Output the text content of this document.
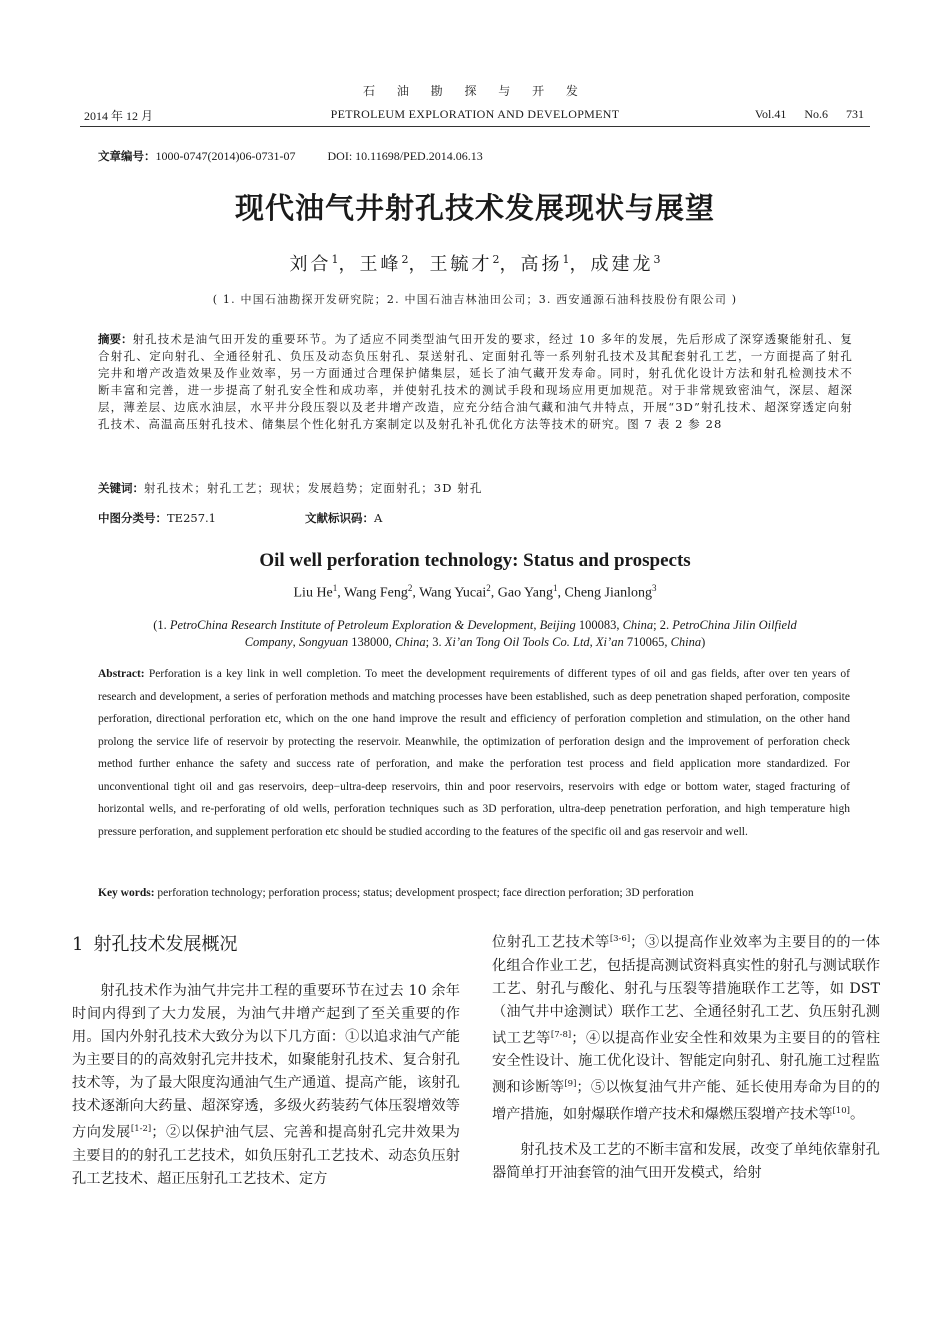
石 油 勘 探 与 开 发
2014 年 12 月	PETROLEUM EXPLORATION AND DEVELOPMENT	Vol.41 No.6 731
文章编号：1000-0747(2014)06-0731-07	DOI: 10.11698/PED.2014.06.13
现代油气井射孔技术发展现状与展望
刘合$^1$，王峰$^2$，王毓才$^2$，高扬$^1$，成建龙$^3$
( 1. 中国石油勘探开发研究院；2. 中国石油吉林油田公司；3. 西安通源石油科技股份有限公司 )
摘要：射孔技术是油气田开发的重要环节。为了适应不同类型油气田开发的要求，经过 10 多年的发展，先后形成了深穿透聚能射孔、复合射孔、定向射孔、全通径射孔、负压及动态负压射孔、泵送射孔、定面射孔等一系列射孔技术及其配套射孔工艺，一方面提高了射孔完井和增产改造效果及作业效率，另一方面通过合理保护储集层，延长了油气藏开发寿命。同时，射孔优化设计方法和射孔检测技术不断丰富和完善，进一步提高了射孔安全性和成功率，并使射孔技术的测试手段和现场应用更加规范。对于非常规致密油气，深层、超深层，薄差层、边底水油层，水平井分段压裂以及老井增产改造，应充分结合油气藏和油气井特点，开展“3D”射孔技术、超深穿透定向射孔技术、高温高压射孔技术、储集层个性化射孔方案制定以及射孔补孔优化方法等技术的研究。图 7 表 2 参 28
关键词：射孔技术；射孔工艺；现状；发展趋势；定面射孔；3D 射孔
中图分类号：TE257.1	文献标识码：A
Oil well perforation technology: Status and prospects
Liu He$^1$, Wang Feng$^2$, Wang Yucai$^2$, Gao Yang$^1$, Cheng Jianlong$^3$
(1. PetroChina Research Institute of Petroleum Exploration & Development, Beijing 100083, China; 2. PetroChina Jilin Oilfield Company, Songyuan 138000, China; 3. Xi’an Tong Oil Tools Co. Ltd, Xi’an 710065, China)
Abstract: Perforation is a key link in well completion. To meet the development requirements of different types of oil and gas fields, after over ten years of research and development, a series of perforation methods and matching processes have been established, such as deep penetration shaped perforation, composite perforation, directional perforation etc, which on the one hand improve the result and efficiency of perforation completion and stimulation, on the other hand prolong the service life of reservoir by protecting the reservoir. Meanwhile, the optimization of perforation design and the improvement of perforation check method further enhance the safety and success rate of perforation, and make the perforation test process and field application more standardized. For unconventional tight oil and gas reservoirs, deep−ultra-deep reservoirs, thin and poor reservoirs, reservoirs with edge or bottom water, staged fracturing of horizontal wells, and re-perforating of old wells, perforation techniques such as 3D perforation, ultra-deep penetration perforation, and high temperature high pressure perforation, and supplement perforation etc should be studied according to the features of the specific oil and gas reservoir and well.
Key words: perforation technology; perforation process; status; development prospect; face direction perforation; 3D perforation
1 射孔技术发展概况

射孔技术作为油气井完井工程的重要环节在过去 10 余年时间内得到了大力发展，为油气井增产起到了至关重要的作用。国内外射孔技术大致分为以下几方面：①以追求油气产能为主要目的的高效射孔完井技术，如聚能射孔技术、复合射孔技术等，为了最大限度沟通油气生产通道、提高产能，该射孔技术逐渐向大药量、超深穿透，多级火药装药气体压裂增效等方向发展[1-2]；②以保护油气层、完善和提高射孔完井效果为主要目的的射孔工艺技术，如负压射孔工艺技术、动态负压射孔工艺技术、超正压射孔工艺技术、定方

位射孔工艺技术等[3-6]；③以提高作业效率为主要目的的一体化组合作业工艺，包括提高测试资料真实性的射孔与测试联作工艺、射孔与酸化、射孔与压裂等措施联作工艺等，如 DST（油气井中途测试）联作工艺、全通径射孔工艺、负压射孔测试工艺等[7-8]；④以提高作业安全性和效果为主要目的的管柱安全性设计、施工优化设计、智能定向射孔、射孔施工过程监测和诊断等[9]；⑤以恢复油气井产能、延长使用寿命为目的的增产措施，如射爆联作增产技术和爆燃压裂增产技术等[10]。

射孔技术及工艺的不断丰富和发展，改变了单纯依靠射孔器简单打开油套管的油气田开发模式，给射
